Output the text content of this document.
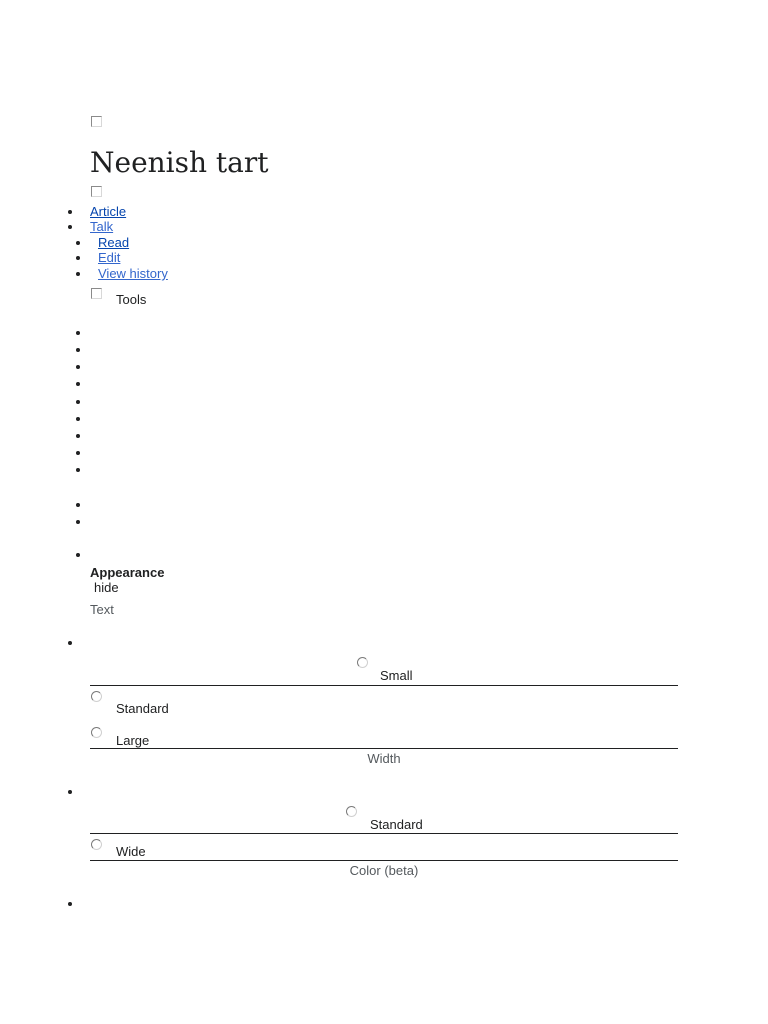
Neenish tart
Article
Talk
Read
Edit
View history
Tools
Appearance
hide
Text
Small
Standard
Large
Width
Standard
Wide
Color (beta)
